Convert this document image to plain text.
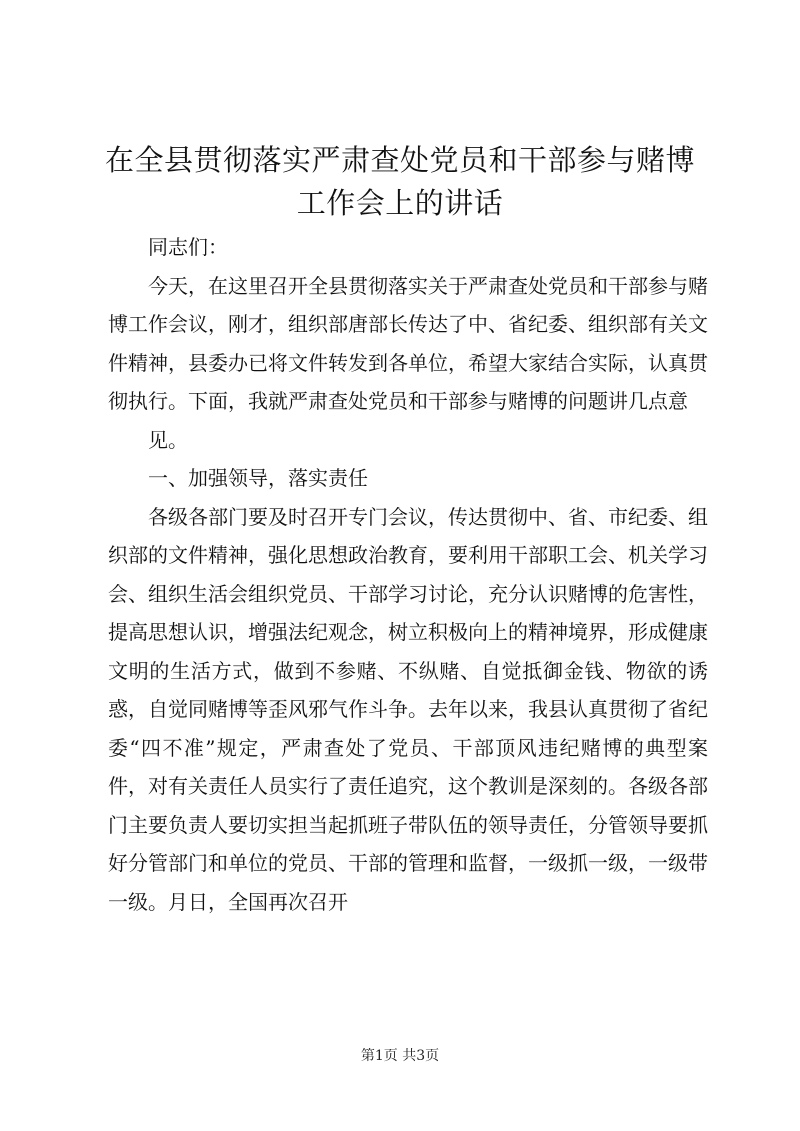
在全县贯彻落实严肃查处党员和干部参与赌博
工作会上的讲话

同志们：

今天，在这里召开全县贯彻落实关于严肃查处党员和干部参与赌博工作会议，刚才，组织部唐部长传达了中、省纪委、组织部有关文件精神，县委办已将文件转发到各单位，希望大家结合实际，认真贯彻执行。下面，我就严肃查处党员和干部参与赌博的问题讲几点意

见。

一、加强领导，落实责任

各级各部门要及时召开专门会议，传达贯彻中、省、市纪委、组织部的文件精神，强化思想政治教育，要利用干部职工会、机关学习会、组织生活会组织党员、干部学习讨论，充分认识赌博的危害性，提高思想认识，增强法纪观念，树立积极向上的精神境界，形成健康文明的生活方式，做到不参赌、不纵赌、自觉抵御金钱、物欲的诱惑，自觉同赌博等歪风邪气作斗争。去年以来，我县认真贯彻了省纪委“四不准”规定，严肃查处了党员、干部顶风违纪赌博的典型案件，对有关责任人员实行了责任追究，这个教训是深刻的。各级各部门主要负责人要切实担当起抓班子带队伍的领导责任，分管领导要抓好分管部门和单位的党员、干部的管理和监督，一级抓一级，一级带一级。月日，全国再次召开

第1页 共3页
